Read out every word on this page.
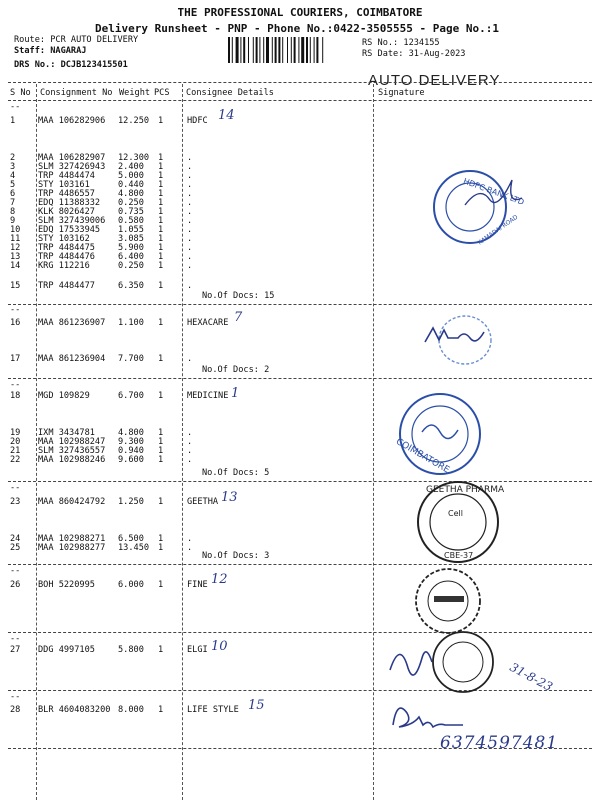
THE PROFESSIONAL COURIERS, COIMBATORE
Delivery Runsheet - PNP - Phone No.:0422-3505555 - Page No.:1
Route: PCR AUTO DELIVERY
Staff: NAGARAJ
DRS No.: DCJB123415501
RS No.: 1234155
RS Date: 31-Aug-2023
AUTO DELIVERY
S No Consignment No Weight PCS Consignee Details	Signature
1	MAA 106282906 12.250 1	HDFC
2	MAA 106282907 12.300 1	.
3	SLM 327426943 2.400 1	.
4	TRP 4484474	5.000 1	.
5	STY 103161	0.440 1	.
6	TRP 4486557	4.800 1	.
7	EDQ 11388332 0.250 1	.
8	KLK 8026427	0.735 1	.
9	SLM 327439006 0.580 1	.
10 EDQ 17533945 1.055 1	.
11 STY 103162	3.085 1	.
12 TRP 4484475	5.900 1	.
13 TRP 4484476	6.400 1	.
14 KRG 112216	0.250 1	.
15 TRP 4484477	6.350 1	.
16 MAA 861236907 1.100 1	HEXACARE
17 MAA 861236904 7.700 1	.
18 MGD 109829	6.700 1	MEDICINE
19 IXM 3434781	4.800 1	.
20 MAA 102988247 9.300 1	.
21 SLM 327436557 0.940 1	.
22 MAA 102988246 9.600 1	.
23 MAA 860424792 1.250 1	GEETHA
24 MAA 102988271 6.500 1	.
25 MAA 102988277 13.450 1	.
26 BOH 5220995	6.000 1	FINE
27 DDG 4997105	5.800 1	ELGI
28 BLR 4604083200 8.000 1	LIFE STYLE
No.Of Docs: 15
No.Of Docs: 2
No.Of Docs: 5
No.Of Docs: 3
--
--
--
--
--
--
--
14
7
1
13
12
10
15
31-8-23
6374597481
HDFC BANK LTD
KAMADAI ROAD
COIMBATORE
GEETHA PHARMA
Cell
CBE-37
